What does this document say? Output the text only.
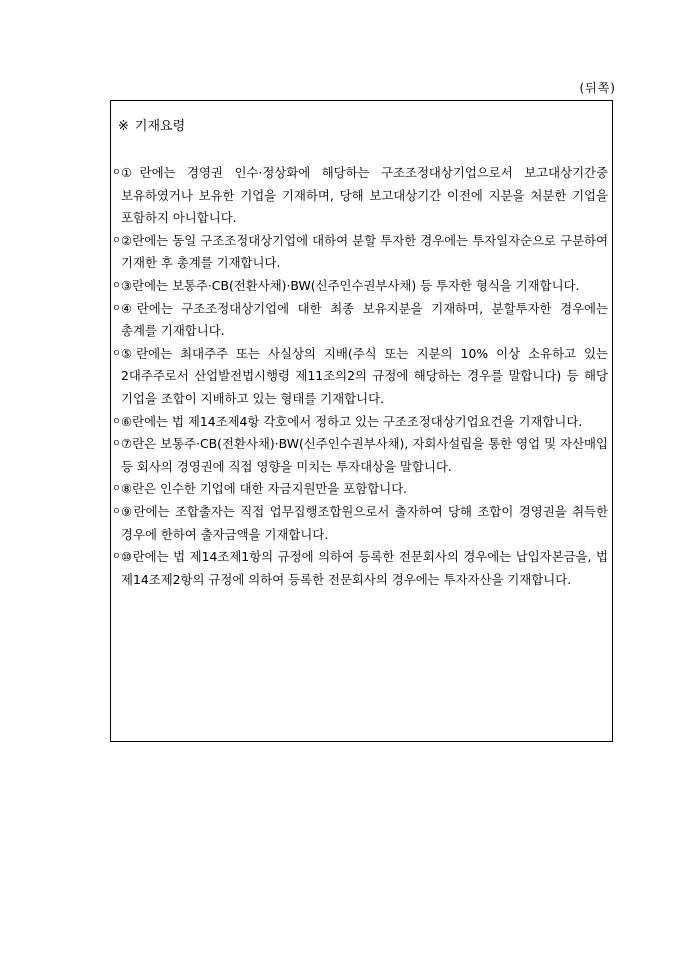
(뒤쪽)
※ 기재요령
ㅇ ①란에는 경영권 인수·정상화에 해당하는 구조조정대상기업으로서 보고대상기간중 보유하였거나 보유한 기업을 기재하며, 당해 보고대상기간 이전에 지분을 처분한 기업을 포함하지 아니합니다.
ㅇ ②란에는 동일 구조조정대상기업에 대하여 분할 투자한 경우에는 투자일자순으로 구분하여 기재한 후 총계를 기재합니다.
ㅇ ③란에는 보통주·CB(전환사채)·BW(신주인수권부사채) 등 투자한 형식을 기재합니다.
ㅇ ④란에는 구조조정대상기업에 대한 최종 보유지분을 기재하며, 분할투자한 경우에는 총계를 기재합니다.
ㅇ ⑤란에는 최대주주 또는 사실상의 지배(주식 또는 지분의 10% 이상 소유하고 있는 2대주주로서 산업발전법시행령 제11조의2의 규정에 해당하는 경우를 말합니다) 등 해당 기업을 조합이 지배하고 있는 형태를 기재합니다.
ㅇ ⑥란에는 법 제14조제4항 각호에서 정하고 있는 구조조정대상기업요건을 기재합니다.
ㅇ ⑦란은 보통주·CB(전환사채)·BW(신주인수권부사채), 자회사설립을 통한 영업 및 자산매입 등 회사의 경영권에 직접 영향을 미치는 투자대상을 말합니다.
ㅇ ⑧란은 인수한 기업에 대한 자금지원만을 포함합니다.
ㅇ ⑨란에는 조합출자는 직접 업무집행조합원으로서 출자하여 당해 조합이 경영권을 취득한 경우에 한하여 출자금액을 기재합니다.
ㅇ ⑩란에는 법 제14조제1항의 규정에 의하여 등록한 전문회사의 경우에는 납입자본금을, 법 제14조제2항의 규정에 의하여 등록한 전문회사의 경우에는 투자자산을 기재합니다.
